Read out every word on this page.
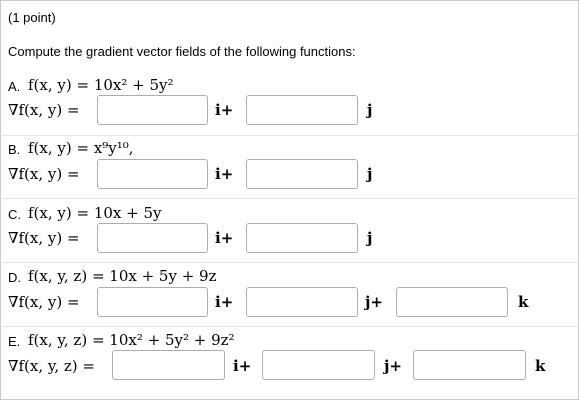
(1 point)
Compute the gradient vector fields of the following functions:
A. f(x, y) = 10x² + 5y²
∇f(x, y) =	i+	j
B. f(x, y) = x⁹y¹⁰,
∇f(x, y) =	i+	j
C. f(x, y) = 10x + 5y
∇f(x, y) =	i+	j
D. f(x, y, z) = 10x + 5y + 9z
∇f(x, y) =	i+	j+	k
E. f(x, y, z) = 10x² + 5y² + 9z²
∇f(x, y, z) =	i+	j+	k
